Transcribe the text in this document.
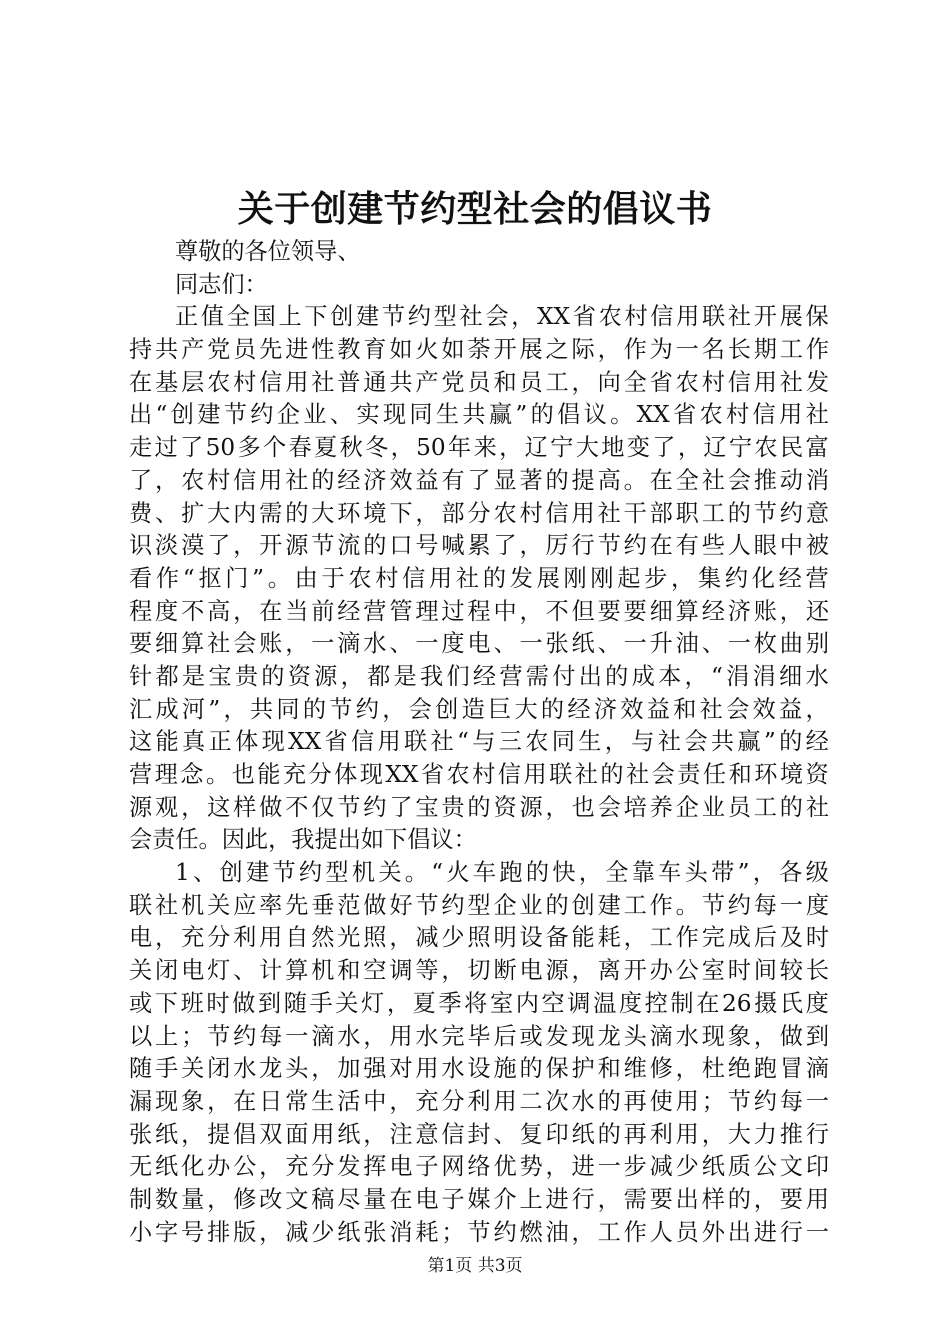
关于创建节约型社会的倡议书
尊敬的各位领导、
同志们：
正 值 全 国 上 下 创 建 节 约 型 社 会 ， XX 省 农 村 信 用 联 社 开 展 保
持 共 产 党 员 先 进 性 教 育 如 火 如 荼 开 展 之 际 ， 作 为 一 名 长 期 工 作
在 基 层 农 村 信 用 社 普 通 共 产 党 员 和 员 工 ， 向 全 省 农 村 信 用 社 发
出 “ 创 建 节 约 企 业 、 实 现 同 生 共 赢 ” 的 倡 议 。 XX 省 农 村 信 用 社
走 过 了 50 多 个 春 夏 秋 冬 ， 50 年 来 ， 辽 宁 大 地 变 了 ， 辽 宁 农 民 富
了 ， 农 村 信 用 社 的 经 济 效 益 有 了 显 著 的 提 高 。 在 全 社 会 推 动 消
费 、 扩 大 内 需 的 大 环 境 下 ， 部 分 农 村 信 用 社 干 部 职 工 的 节 约 意
识 淡 漠 了 ， 开 源 节 流 的 口 号 喊 累 了 ， 厉 行 节 约 在 有 些 人 眼 中 被
看 作 “ 抠 门 ” 。 由 于 农 村 信 用 社 的 发 展 刚 刚 起 步 ， 集 约 化 经 营
程 度 不 高 ， 在 当 前 经 营 管 理 过 程 中 ， 不 但 要 要 细 算 经 济 账 ， 还
要 细 算 社 会 账 ， 一 滴 水 、 一 度 电 、 一 张 纸 、 一 升 油 、 一 枚 曲 别
针 都 是 宝 贵 的 资 源 ， 都 是 我 们 经 营 需 付 出 的 成 本 ， “ 涓 涓 细 水
汇 成 河 ” ， 共 同 的 节 约 ， 会 创 造 巨 大 的 经 济 效 益 和 社 会 效 益 ，
这 能 真 正 体 现 XX 省 信 用 联 社 “ 与 三 农 同 生 ， 与 社 会 共 赢 ” 的 经
营 理 念 。 也 能 充 分 体 现 XX 省 农 村 信 用 联 社 的 社 会 责 任 和 环 境 资
源 观 ， 这 样 做 不 仅 节 约 了 宝 贵 的 资 源 ， 也 会 培 养 企 业 员 工 的 社
会责任。因此，我提出如下倡议：
1 、 创 建 节 约 型 机 关 。 “ 火 车 跑 的 快 ， 全 靠 车 头 带 ” ， 各 级
联 社 机 关 应 率 先 垂 范 做 好 节 约 型 企 业 的 创 建 工 作 。 节 约 每 一 度
电 ， 充 分 利 用 自 然 光 照 ， 减 少 照 明 设 备 能 耗 ， 工 作 完 成 后 及 时
关 闭 电 灯 、 计 算 机 和 空 调 等 ， 切 断 电 源 ， 离 开 办 公 室 时 间 较 长
或 下 班 时 做 到 随 手 关 灯 ， 夏 季 将 室 内 空 调 温 度 控 制 在 26 摄 氏 度
以 上 ； 节 约 每 一 滴 水 ， 用 水 完 毕 后 或 发 现 龙 头 滴 水 现 象 ， 做 到
随 手 关 闭 水 龙 头 ， 加 强 对 用 水 设 施 的 保 护 和 维 修 ， 杜 绝 跑 冒 滴
漏 现 象 ， 在 日 常 生 活 中 ， 充 分 利 用 二 次 水 的 再 使 用 ； 节 约 每 一
张 纸 ， 提 倡 双 面 用 纸 ， 注 意 信 封 、 复 印 纸 的 再 利 用 ， 大 力 推 行
无 纸 化 办 公 ， 充 分 发 挥 电 子 网 络 优 势 ， 进 一 步 减 少 纸 质 公 文 印
制 数 量 ， 修 改 文 稿 尽 量 在 电 子 媒 介 上 进 行 ， 需 要 出 样 的 ， 要 用
小 字 号 排 版 ， 减 少 纸 张 消 耗 ； 节 约 燃 油 ， 工 作 人 员 外 出 进 行 一
第1页 共3页
